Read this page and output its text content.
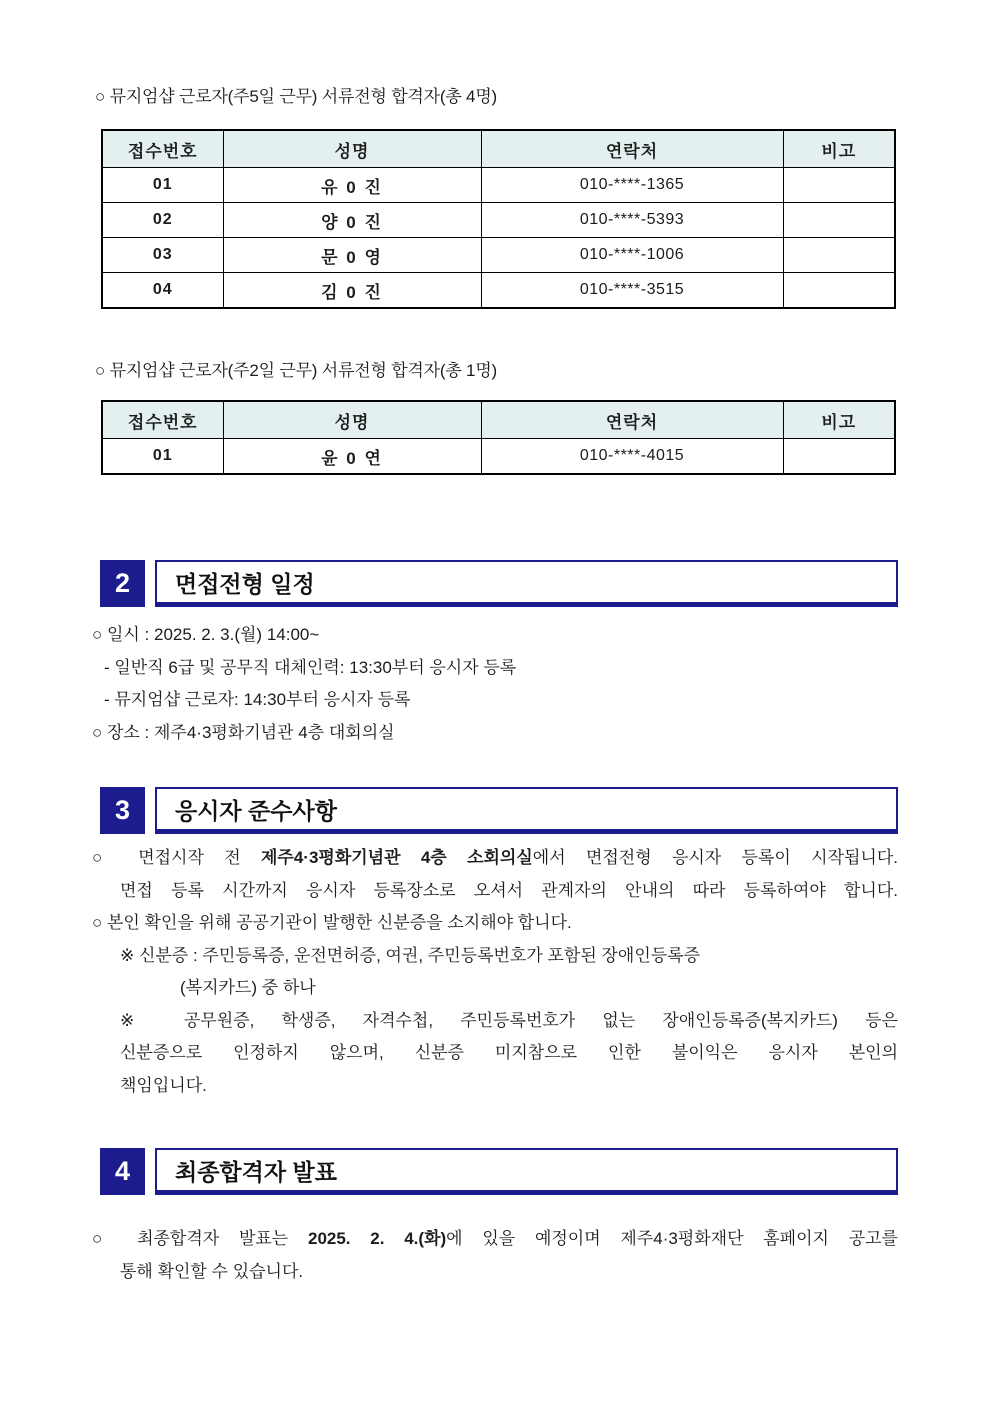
○ 뮤지엄샵 근로자(주5일 근무) 서류전형 합격자(총 4명)
접수번호	성명	연락처	비고
01	유 0 진	010-****-1365	
02	양 0 진	010-****-5393	
03	문 0 영	010-****-1006	
04	김 0 진	010-****-3515	
○ 뮤지엄샵 근로자(주2일 근무) 서류전형 합격자(총 1명)
접수번호	성명	연락처	비고
01	윤 0 연	010-****-4015	
2	면접전형 일정
○ 일시 : 2025. 2. 3.(월) 14:00~
- 일반직 6급 및 공무직 대체인력: 13:30부터 응시자 등록
- 뮤지엄샵 근로자: 14:30부터 응시자 등록
○ 장소 : 제주4·3평화기념관 4층 대회의실
3	응시자 준수사항
○ 면접시작 전 제주4·3평화기념관 4층 소회의실에서 면접전형 응시자 등록이 시작됩니다.
면접 등록 시간까지 응시자 등록장소로 오셔서 관계자의 안내의 따라 등록하여야 합니다.
○ 본인 확인을 위해 공공기관이 발행한 신분증을 소지해야 합니다.
※ 신분증 : 주민등록증, 운전면허증, 여권, 주민등록번호가 포함된 장애인등록증
(복지카드) 중 하나
※ 공무원증, 학생증, 자격수첩, 주민등록번호가 없는 장애인등록증(복지카드) 등은
신분증으로 인정하지 않으며, 신분증 미지참으로 인한 불이익은 응시자 본인의
책임입니다.
4	최종합격자 발표
○ 최종합격자 발표는 2025. 2. 4.(화)에 있을 예정이며 제주4·3평화재단 홈페이지 공고를
통해 확인할 수 있습니다.
